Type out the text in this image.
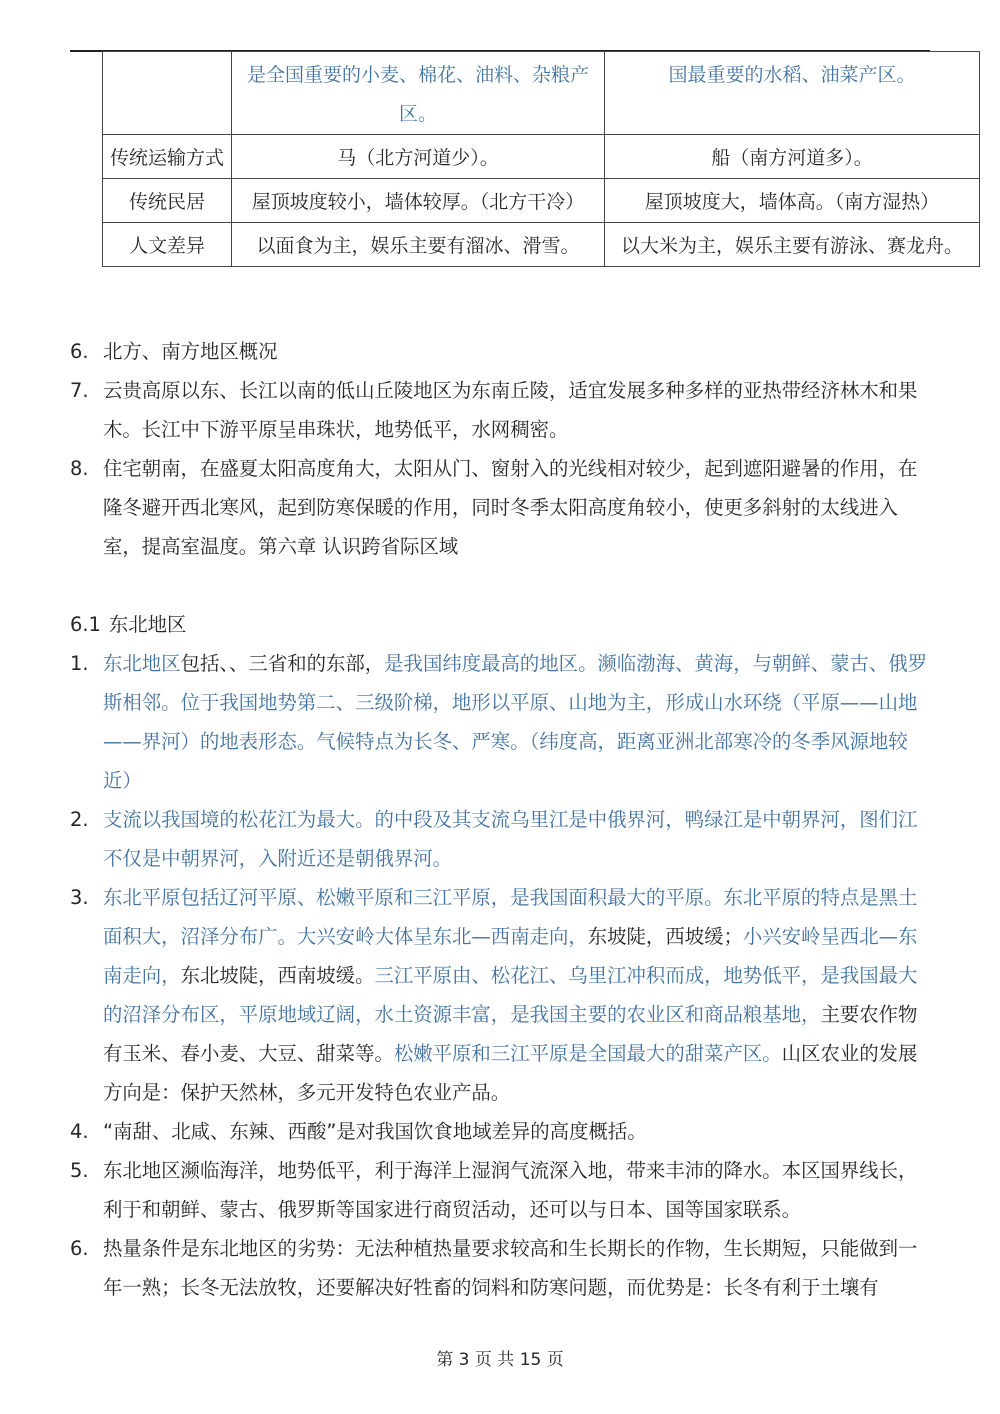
	是全国重要的小麦、棉花、油料、杂粮产区。	国最重要的水稻、油菜产区。
传统运输方式	马（北方河道少）。	船（南方河道多）。
传统民居	屋顶坡度较小，墙体较厚。（北方干冷）	屋顶坡度大，墙体高。（南方湿热）
人文差异	以面食为主，娱乐主要有溜冰、滑雪。	以大米为主，娱乐主要有游泳、赛龙舟。
6. 北方、南方地区概况
7. 云贵高原以东、长江以南的低山丘陵地区为东南丘陵，适宜发展多种多样的亚热带经济林木和果木。长江中下游平原呈串珠状，地势低平，水网稠密。
8. 住宅朝南，在盛夏太阳高度角大，太阳从门、窗射入的光线相对较少，起到遮阳避暑的作用，在隆冬避开西北寒风，起到防寒保暖的作用，同时冬季太阳高度角较小，使更多斜射的太线进入室，提高室温度。第六章 认识跨省际区域
6.1 东北地区
1. 东北地区包括、、三省和的东部，是我国纬度最高的地区。濒临渤海、黄海，与朝鲜、蒙古、俄罗斯相邻。位于我国地势第二、三级阶梯，地形以平原、山地为主，形成山水环绕（平原——山地——界河）的地表形态。气候特点为长冬、严寒。（纬度高，距离亚洲北部寒冷的冬季风源地较近）
2. 支流以我国境的松花江为最大。的中段及其支流乌里江是中俄界河，鸭绿江是中朝界河，图们江不仅是中朝界河，入附近还是朝俄界河。
3. 东北平原包括辽河平原、松嫩平原和三江平原，是我国面积最大的平原。东北平原的特点是黑土面积大，沼泽分布广。大兴安岭大体呈东北—西南走向，东坡陡，西坡缓；小兴安岭呈西北—东南走向，东北坡陡，西南坡缓。三江平原由、松花江、乌里江冲积而成，地势低平，是我国最大的沼泽分布区，平原地域辽阔，水土资源丰富，是我国主要的农业区和商品粮基地，主要农作物有玉米、春小麦、大豆、甜菜等。松嫩平原和三江平原是全国最大的甜菜产区。山区农业的发展方向是：保护天然林，多元开发特色农业产品。
4. “南甜、北咸、东辣、西酸”是对我国饮食地域差异的高度概括。
5. 东北地区濒临海洋，地势低平，利于海洋上湿润气流深入地，带来丰沛的降水。本区国界线长，利于和朝鲜、蒙古、俄罗斯等国家进行商贸活动，还可以与日本、国等国家联系。
6. 热量条件是东北地区的劣势：无法种植热量要求较高和生长期长的作物，生长期短，只能做到一年一熟；长冬无法放牧，还要解决好牲畜的饲料和防寒问题，而优势是：长冬有利于土壤有
第 3 页 共 15 页
